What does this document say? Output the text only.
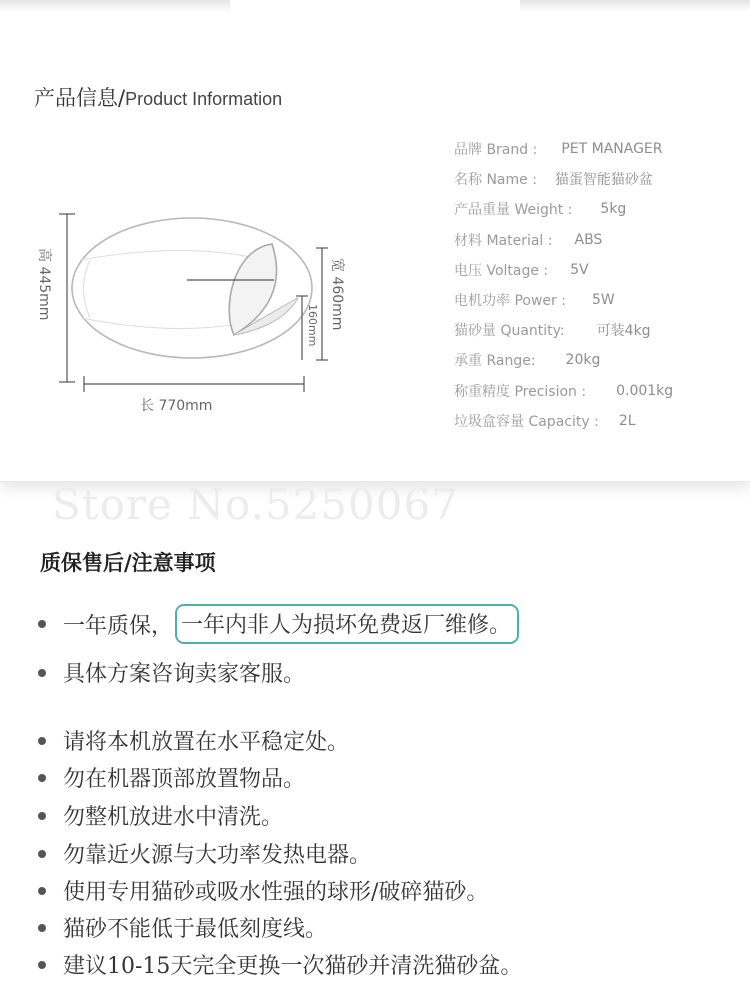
产品信息/Product Information
高 445mm	宽 460mm
160mm
长 770mm
品牌 Brand : PET MANAGER
名称 Name : 猫蛋智能猫砂盆
产品重量 Weight : 5kg
材料 Material : ABS
电压 Voltage : 5V
电机功率 Power : 5W
猫砂量 Quantity: 可装4kg
承重 Range: 20kg
称重精度 Precision : 0.001kg
垃圾盒容量 Capacity : 2L
Store No.5250067
质保售后/注意事项
一年质保， 一年内非人为损坏免费返厂维修。
具体方案咨询卖家客服。
请将本机放置在水平稳定处。
勿在机器顶部放置物品。
勿整机放进水中清洗。
勿靠近火源与大功率发热电器。
使用专用猫砂或吸水性强的球形/破碎猫砂。
猫砂不能低于最低刻度线。
建议10-15天完全更换一次猫砂并清洗猫砂盆。
